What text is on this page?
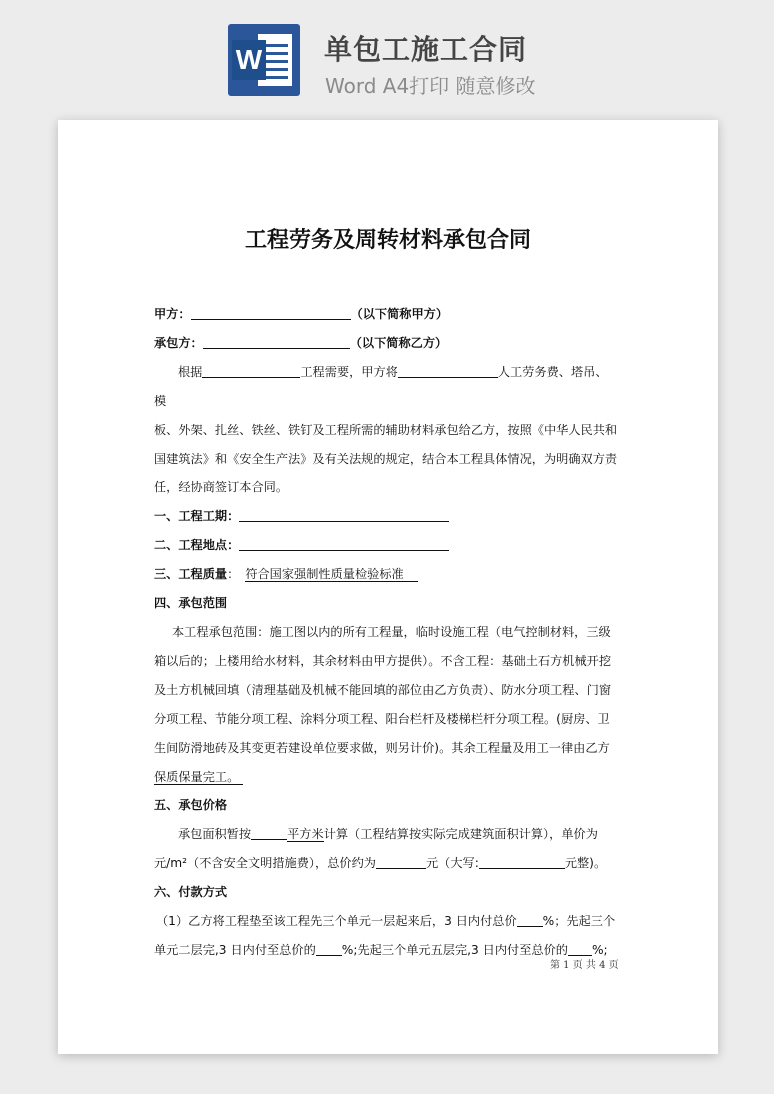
W 单包工施工合同
Word A4打印 随意修改
工程劳务及周转材料承包合同

甲方：	（以下简称甲方）

承包方：	（以下简称乙方）

根据	工程需要，甲方将	人工劳务费、塔吊、模

板、外架、扎丝、铁丝、铁钉及工程所需的辅助材料承包给乙方，按照《中华人民共和

国建筑法》和《安全生产法》及有关法规的规定，结合本工程具体情况，为明确双方责

任，经协商签订本合同。

一、工程工期：

二、工程地点：

三、工程质量： 符合国家强制性质量检验标准

四、承包范围

本工程承包范围：施工图以内的所有工程量，临时设施工程（电气控制材料，三级

箱以后的；上楼用给水材料，其余材料由甲方提供）。不含工程：基础土石方机械开挖

及土方机械回填（清理基础及机械不能回填的部位由乙方负责）、防水分项工程、门窗

分项工程、节能分项工程、涂料分项工程、阳台栏杆及楼梯栏杆分项工程。(厨房、卫

生间防滑地砖及其变更若建设单位要求做，则另计价)。其余工程量及用工一律由乙方

保质保量完工。

五、承包价格

承包面积暂按	平方米计算（工程结算按实际完成建筑面积计算），单价为

元/m²（不含安全文明措施费），总价约为	元（大写:	元整)。

六、付款方式

（1）乙方将工程垫至该工程先三个单元一层起来后，3 日内付总价 %；先起三个

单元二层完,3 日内付至总价的 %;先起三个单元五层完,3 日内付至总价的 %;

第 1 页 共 4 页
